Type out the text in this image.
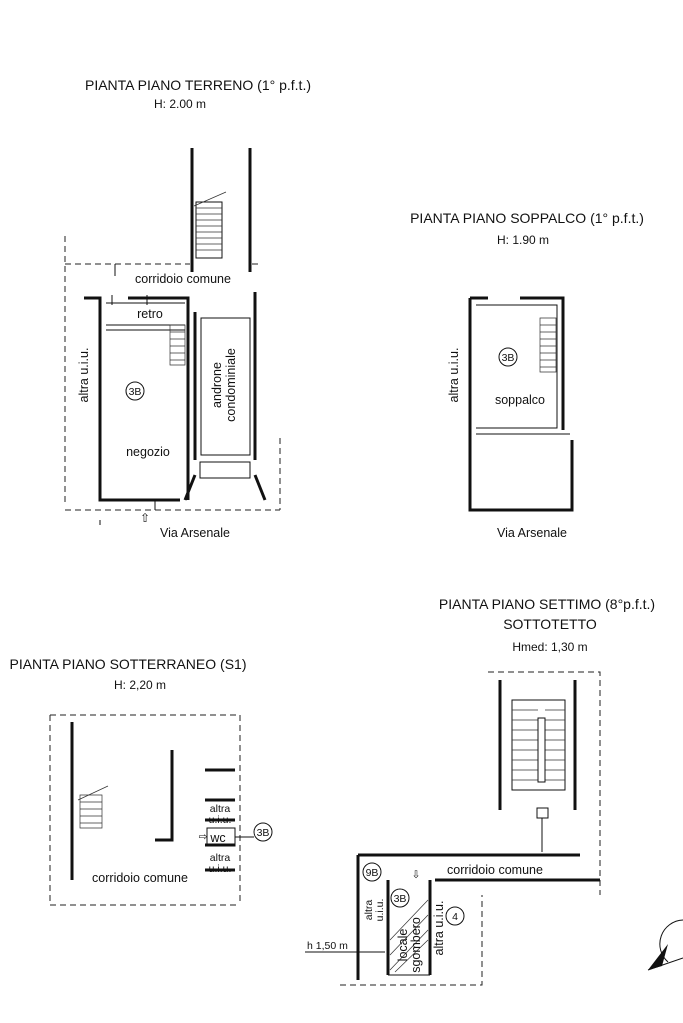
PIANTA PIANO TERRENO (1° p.f.t.)
H: 2.00 m
corridoio comune
altra u.i.u.
retro
3B
negozio
androne condominiale
⇧
Via Arsenale
PIANTA PIANO SOPPALCO (1° p.f.t.)
H: 1.90 m
altra u.i.u.	3B
soppalco
Via Arsenale
PIANTA PIANO SOTTERRANEO (S1)
H: 2,20 m
altra
u.i.u.
⇨ wc	3B
altra
u.i.u.
corridoio comune
PIANTA PIANO SETTIMO (8°p.f.t.)
SOTTOTETTO
Hmed: 1,30 m
9B	⇩ corridoio comune
altra u.i.u. 3B
locale sgombero altra u.i.u. 4
h 1,50 m
